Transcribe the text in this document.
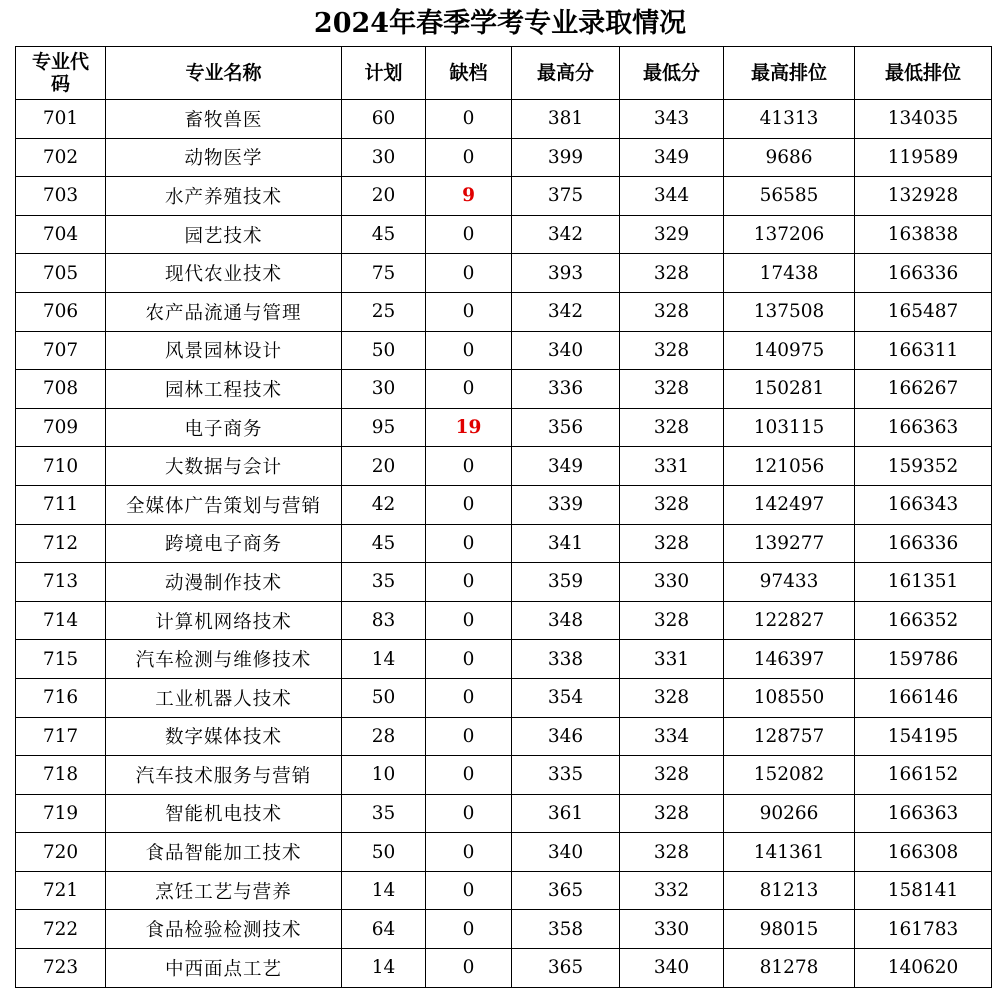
2024年春季学考专业录取情况
专业代码	专业名称	计划	缺档	最高分	最低分	最高排位	最低排位
701	畜牧兽医	60	0	381	343	41313	134035
702	动物医学	30	0	399	349	9686	119589
703	水产养殖技术	20	9	375	344	56585	132928
704	园艺技术	45	0	342	329	137206	163838
705	现代农业技术	75	0	393	328	17438	166336
706	农产品流通与管理	25	0	342	328	137508	165487
707	风景园林设计	50	0	340	328	140975	166311
708	园林工程技术	30	0	336	328	150281	166267
709	电子商务	95	19	356	328	103115	166363
710	大数据与会计	20	0	349	331	121056	159352
711	全媒体广告策划与营销	42	0	339	328	142497	166343
712	跨境电子商务	45	0	341	328	139277	166336
713	动漫制作技术	35	0	359	330	97433	161351
714	计算机网络技术	83	0	348	328	122827	166352
715	汽车检测与维修技术	14	0	338	331	146397	159786
716	工业机器人技术	50	0	354	328	108550	166146
717	数字媒体技术	28	0	346	334	128757	154195
718	汽车技术服务与营销	10	0	335	328	152082	166152
719	智能机电技术	35	0	361	328	90266	166363
720	食品智能加工技术	50	0	340	328	141361	166308
721	烹饪工艺与营养	14	0	365	332	81213	158141
722	食品检验检测技术	64	0	358	330	98015	161783
723	中西面点工艺	14	0	365	340	81278	140620
